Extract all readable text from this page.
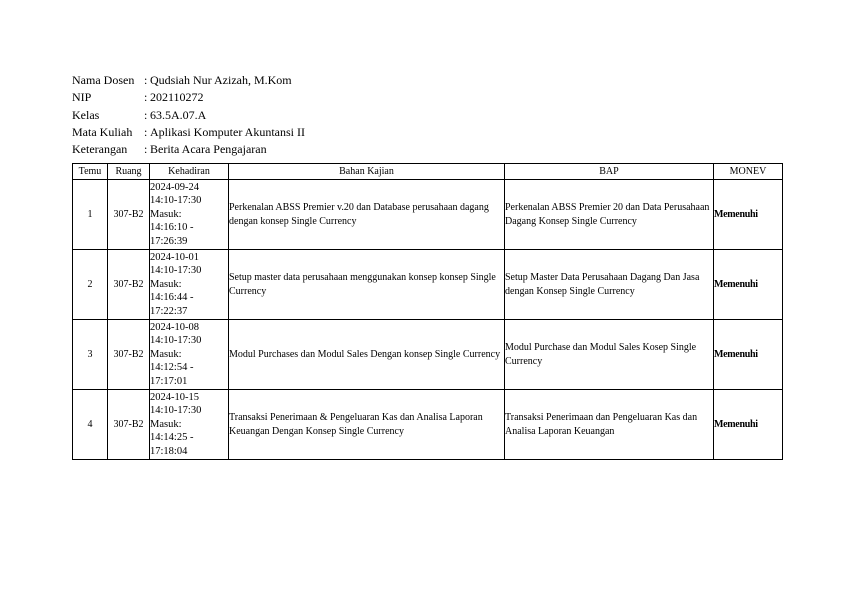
Nama Dosen : Qudsiah Nur Azizah, M.Kom
NIP	: 202110272
Kelas	: 63.5A.07.A
Mata Kuliah : Aplikasi Komputer Akuntansi II
Keterangan	: Berita Acara Pengajaran
Temu	Ruang	Kehadiran	Bahan Kajian	BAP	MONEV
1	307-B2	2024-09-24
14:10-17:30
Masuk:
14:16:10 -
17:26:39	Perkenalan ABSS Premier v.20 dan Database perusahaan dagang dengan konsep Single Currency	Perkenalan ABSS Premier 20 dan Data Perusahaan Dagang Konsep Single Currency	Memenuhi
2	307-B2	2024-10-01
14:10-17:30
Masuk:
14:16:44 -
17:22:37	Setup master data perusahaan menggunakan konsep konsep Single Currency	Setup Master Data Perusahaan Dagang Dan Jasa dengan Konsep Single Currency	Memenuhi
3	307-B2	2024-10-08
14:10-17:30
Masuk:
14:12:54 -
17:17:01	Modul Purchases dan Modul Sales Dengan konsep Single Currency	Modul Purchase dan Modul Sales Kosep Single Currency	Memenuhi
4	307-B2	2024-10-15
14:10-17:30
Masuk:
14:14:25 -
17:18:04	Transaksi Penerimaan & Pengeluaran Kas dan Analisa Laporan Keuangan Dengan Konsep Single Currency	Transaksi Penerimaan dan Pengeluaran Kas dan Analisa Laporan Keuangan	Memenuhi
